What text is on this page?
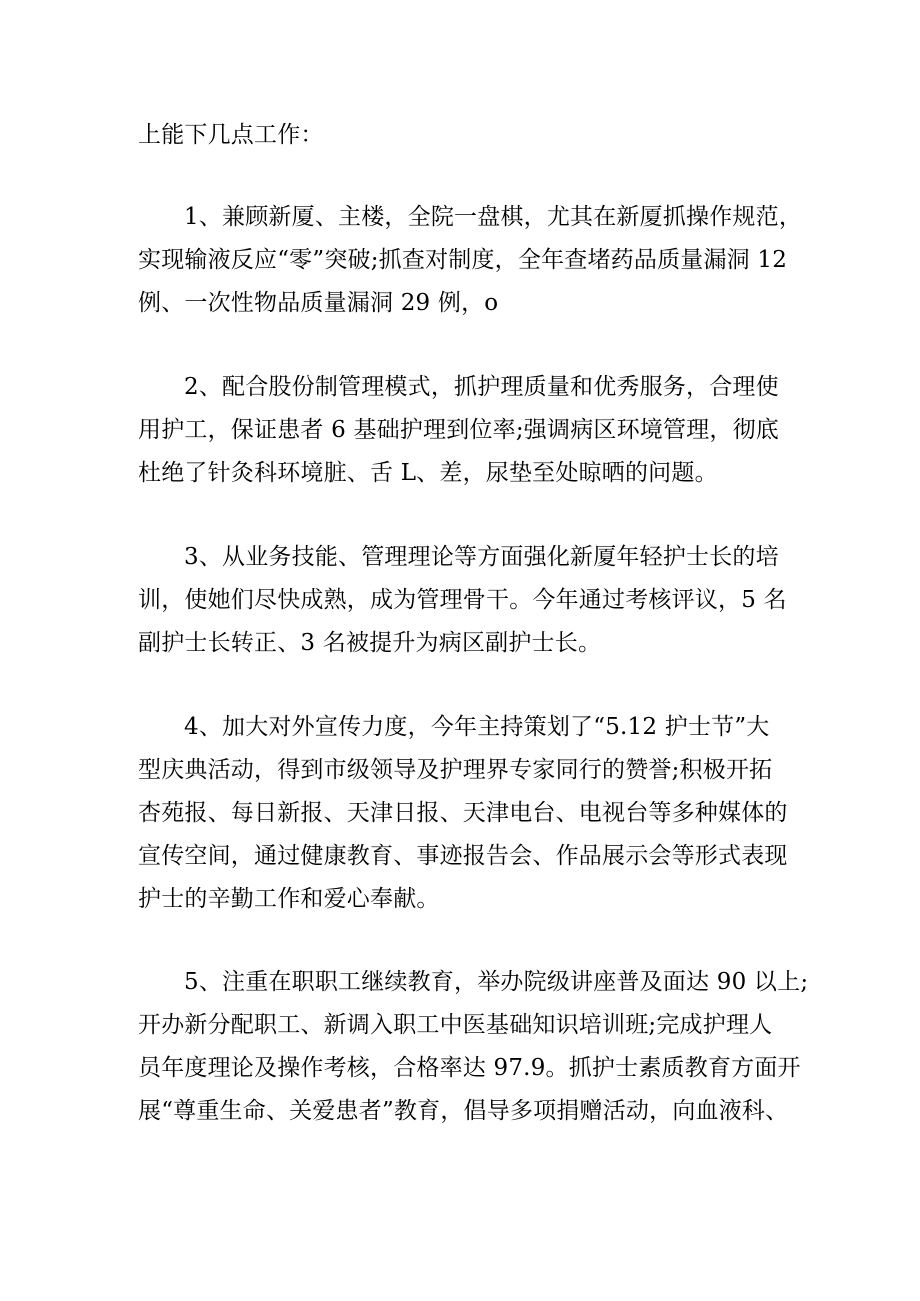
上能下几点工作：
1、兼顾新厦、主楼，全院一盘棋，尤其在新厦抓操作规范，
实现输液反应“零”突破;抓查对制度，全年查堵药品质量漏洞 12
例、一次性物品质量漏洞 29 例，o
2、配合股份制管理模式，抓护理质量和优秀服务，合理使
用护工，保证患者 6 基础护理到位率;强调病区环境管理，彻底
杜绝了针灸科环境脏、舌 L、差，尿垫至处晾晒的问题。
3、从业务技能、管理理论等方面强化新厦年轻护士长的培
训，使她们尽快成熟，成为管理骨干。今年通过考核评议，5 名
副护士长转正、3 名被提升为病区副护士长。
4、加大对外宣传力度，今年主持策划了“5.12 护士节”大
型庆典活动，得到市级领导及护理界专家同行的赞誉;积极开拓
杏苑报、每日新报、天津日报、天津电台、电视台等多种媒体的
宣传空间，通过健康教育、事迹报告会、作品展示会等形式表现
护士的辛勤工作和爱心奉献。
5、注重在职职工继续教育，举办院级讲座普及面达 90 以上;
开办新分配职工、新调入职工中医基础知识培训班;完成护理人
员年度理论及操作考核，合格率达 97.9。抓护士素质教育方面开
展“尊重生命、关爱患者”教育，倡导多项捐赠活动，向血液科、
